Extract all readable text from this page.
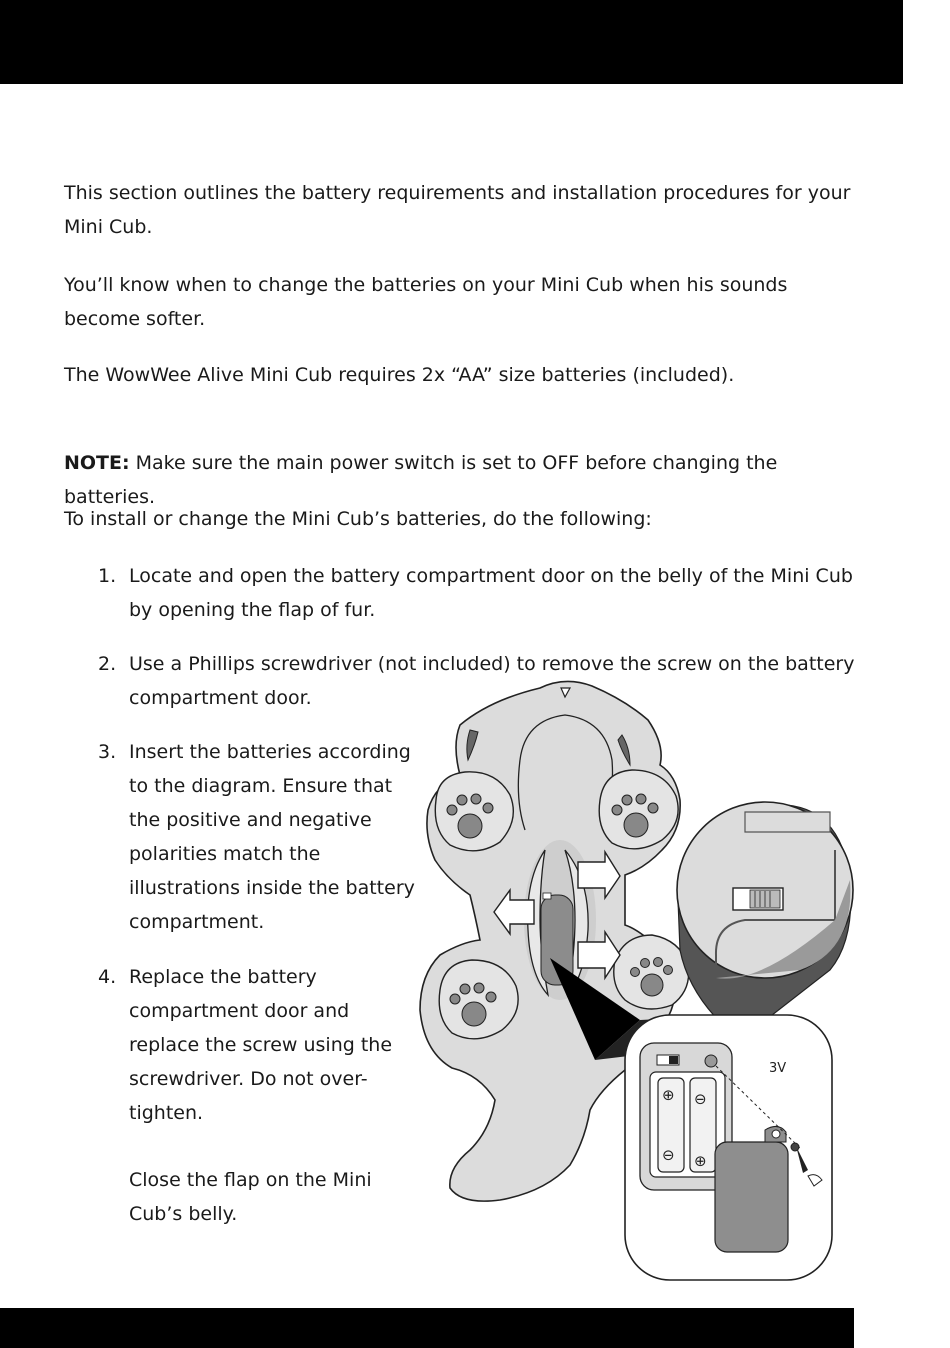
This section outlines the battery requirements and installation procedures for your Mini Cub.

You’ll know when to change the batteries on your Mini Cub when his sounds become softer.

The WowWee Alive Mini Cub requires 2x “AA” size batteries (included).

NOTE: Make sure the main power switch is set to OFF before changing the batteries.

To install or change the Mini Cub’s batteries, do the following:

1. Locate and open the battery compartment door on the belly of the Mini Cub
by opening the flap of fur.
2. Use a Phillips screwdriver (not included) to remove the screw on the battery
compartment door.
3. Insert the batteries according
to the diagram. Ensure that
the positive and negative
polarities match the
illustrations inside the battery
compartment.
4. Replace the battery
compartment door and
replace the screw using the
screwdriver. Do not over-
tighten.
Close the flap on the Mini
Cub’s belly.
⊕
⊖
⊖
⊕
3V
